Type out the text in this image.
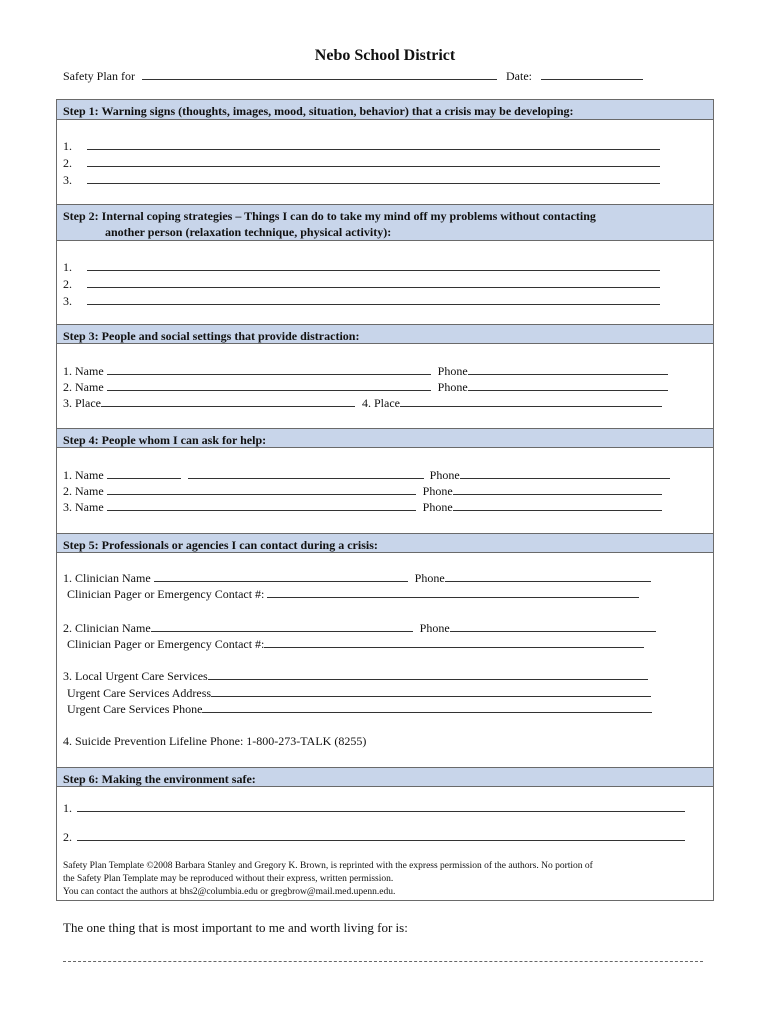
Nebo School District
Safety Plan for	Date:
Step 1: Warning signs (thoughts, images, mood, situation, behavior) that a crisis may be developing:
1.
2.
3.
Step 2: Internal coping strategies – Things I can do to take my mind off my problems without contacting
another person (relaxation technique, physical activity):
1.
2.
3.
Step 3: People and social settings that provide distraction:
1. Name	Phone
2. Name	Phone
3. Place	4. Place
Step 4: People whom I can ask for help:
1. Name	Phone
2. Name	Phone
3. Name	Phone
Step 5: Professionals or agencies I can contact during a crisis:
1. Clinician Name	Phone
Clinician Pager or Emergency Contact #:
2. Clinician Name	Phone
Clinician Pager or Emergency Contact #:
3. Local Urgent Care Services
Urgent Care Services Address
Urgent Care Services Phone
4. Suicide Prevention Lifeline Phone: 1-800-273-TALK (8255)
Step 6: Making the environment safe:
1.
2.

Safety Plan Template ©2008 Barbara Stanley and Gregory K. Brown, is reprinted with the express permission of the authors. No portion of

the Safety Plan Template may be reproduced without their express, written permission.

You can contact the authors at bhs2@columbia.edu or gregbrow@mail.med.upenn.edu.

The one thing that is most important to me and worth living for is:
